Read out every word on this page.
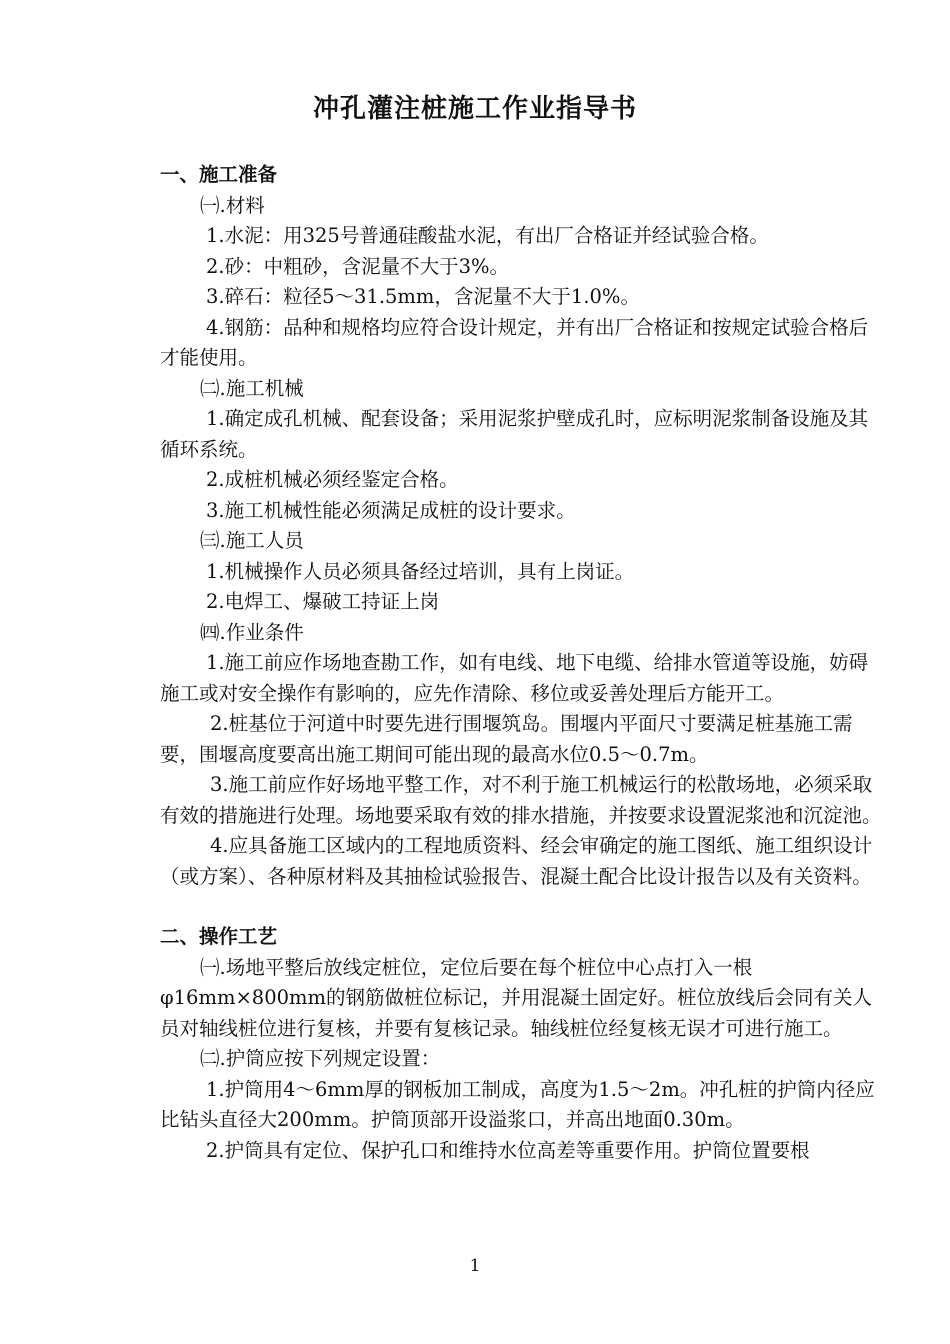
冲孔灌注桩施工作业指导书

一、施工准备

㈠.材料

1.水泥：用325号普通硅酸盐水泥，有出厂合格证并经试验合格。

2.砂：中粗砂，含泥量不大于3%。

3.碎石：粒径5～31.5mm，含泥量不大于1.0%。

4.钢筋：品种和规格均应符合设计规定，并有出厂合格证和按规定试验合格后才能使用。

㈡.施工机械

1.确定成孔机械、配套设备；采用泥浆护壁成孔时，应标明泥浆制备设施及其循环系统。

2.成桩机械必须经鉴定合格。

3.施工机械性能必须满足成桩的设计要求。

㈢.施工人员

1.机械操作人员必须具备经过培训，具有上岗证。

2.电焊工、爆破工持证上岗

㈣.作业条件

1.施工前应作场地查勘工作，如有电线、地下电缆、给排水管道等设施，妨碍施工或对安全操作有影响的，应先作清除、移位或妥善处理后方能开工。

2.桩基位于河道中时要先进行围堰筑岛。围堰内平面尺寸要满足桩基施工需要，围堰高度要高出施工期间可能出现的最高水位0.5～0.7m。

3.施工前应作好场地平整工作，对不利于施工机械运行的松散场地，必须采取有效的措施进行处理。场地要采取有效的排水措施，并按要求设置泥浆池和沉淀池。

4.应具备施工区域内的工程地质资料、经会审确定的施工图纸、施工组织设计（或方案）、各种原材料及其抽检试验报告、混凝土配合比设计报告以及有关资料。

二、操作工艺

㈠.场地平整后放线定桩位，定位后要在每个桩位中心点打入一根φ16mm×800mm的钢筋做桩位标记，并用混凝土固定好。桩位放线后会同有关人员对轴线桩位进行复核，并要有复核记录。轴线桩位经复核无误才可进行施工。

㈡.护筒应按下列规定设置：

1.护筒用4～6mm厚的钢板加工制成，高度为1.5～2m。冲孔桩的护筒内径应比钻头直径大200mm。护筒顶部开设溢浆口，并高出地面0.30m。

2.护筒具有定位、保护孔口和维持水位高差等重要作用。护筒位置要根

1
